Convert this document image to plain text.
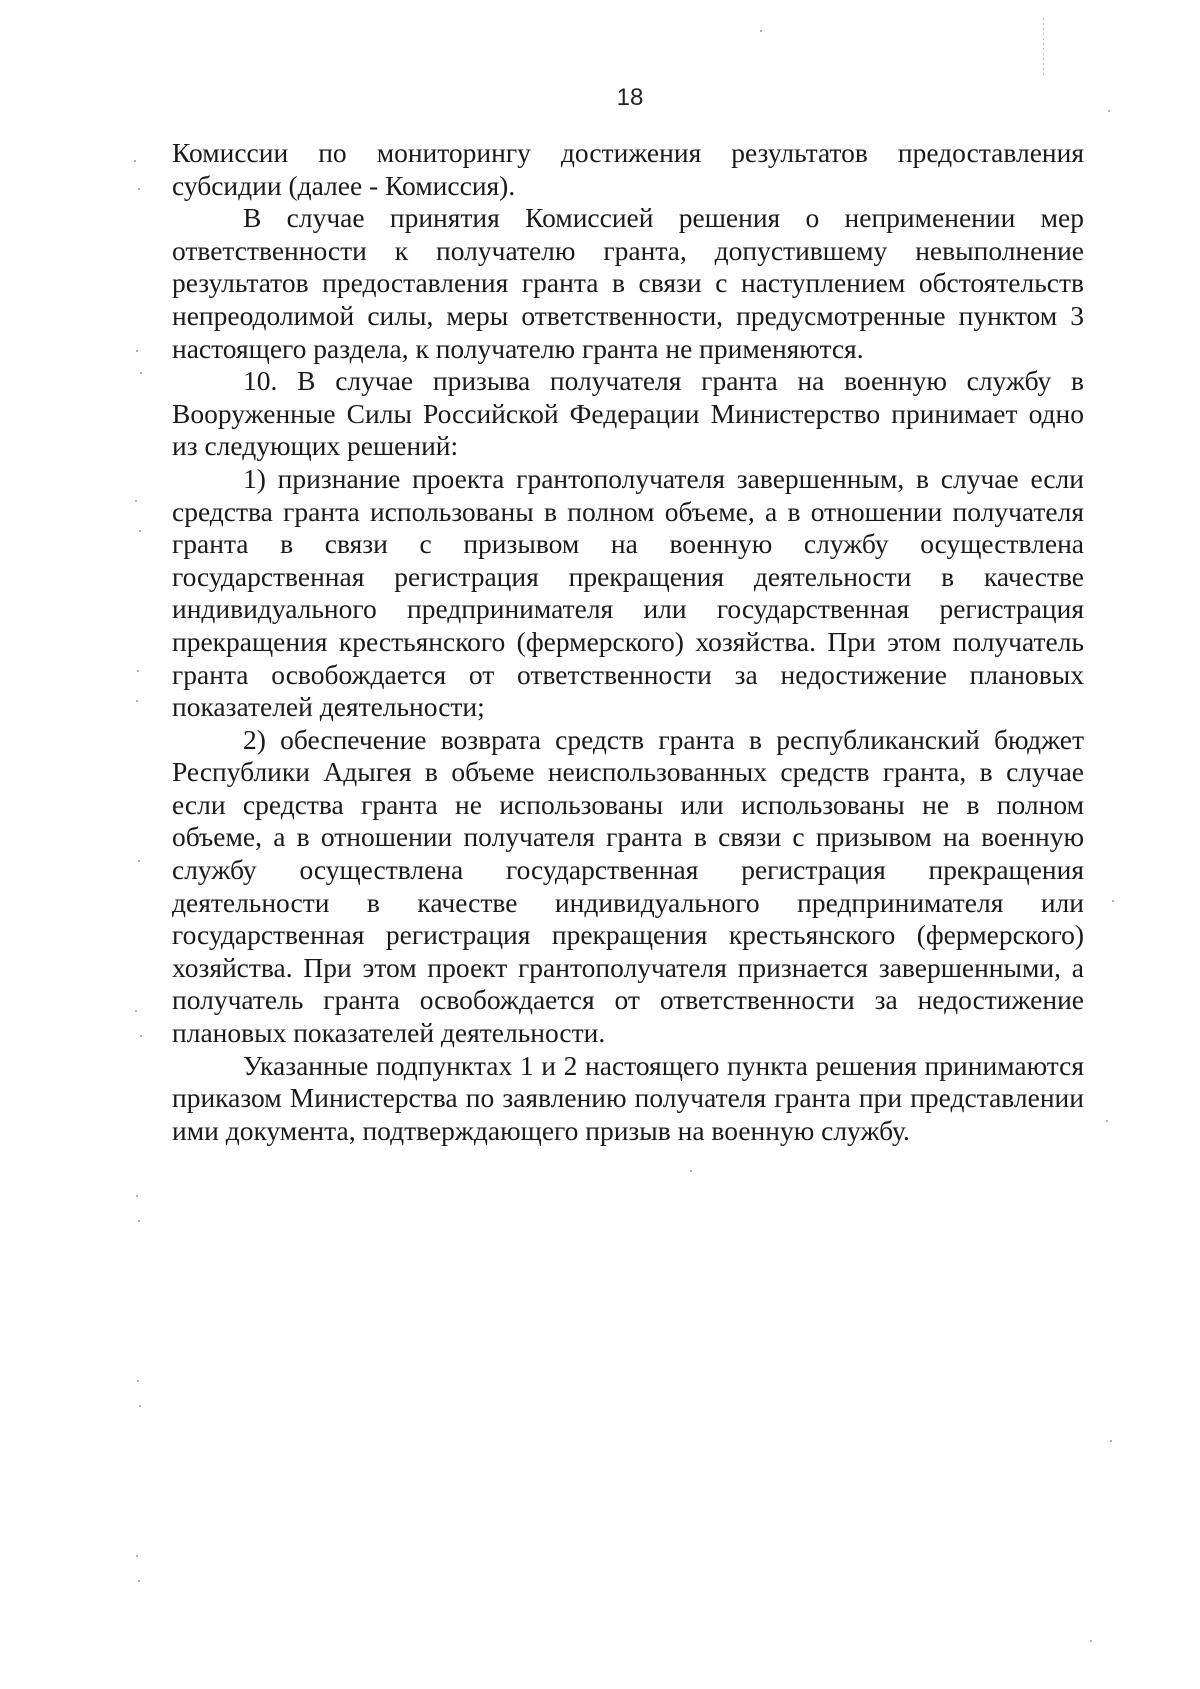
18

Комиссии по мониторингу достижения результатов предоставления субсидии (далее - Комиссия).

В случае принятия Комиссией решения о неприменении мер ответственности к получателю гранта, допустившему невыполнение результатов предоставления гранта в связи с наступлением обстоятельств непреодолимой силы, меры ответственности, предусмотренные пунктом 3 настоящего раздела, к получателю гранта не применяются.

10. В случае призыва получателя гранта на военную службу в Вооруженные Силы Российской Федерации Министерство принимает одно из следующих решений:

1) признание проекта грантополучателя завершенным, в случае если средства гранта использованы в полном объеме, а в отношении получателя гранта в связи с призывом на военную службу осуществлена государственная регистрация прекращения деятельности в качестве индивидуального предпринимателя или государственная регистрация прекращения крестьянского (фермерского) хозяйства. При этом получатель гранта освобождается от ответственности за недостижение плановых показателей деятельности;

2) обеспечение возврата средств гранта в республиканский бюджет Республики Адыгея в объеме неиспользованных средств гранта, в случае если средства гранта не использованы или использованы не в полном объеме, а в отношении получателя гранта в связи с призывом на военную службу осуществлена государственная регистрация прекращения деятельности в качестве индивидуального предпринимателя или государственная регистрация прекращения крестьянского (фермерского) хозяйства. При этом проект грантополучателя признается завершенными, а получатель гранта освобождается от ответственности за недостижение плановых показателей деятельности.

Указанные подпунктах 1 и 2 настоящего пункта решения принимаются приказом Министерства по заявлению получателя гранта при представлении ими документа, подтверждающего призыв на военную службу.
